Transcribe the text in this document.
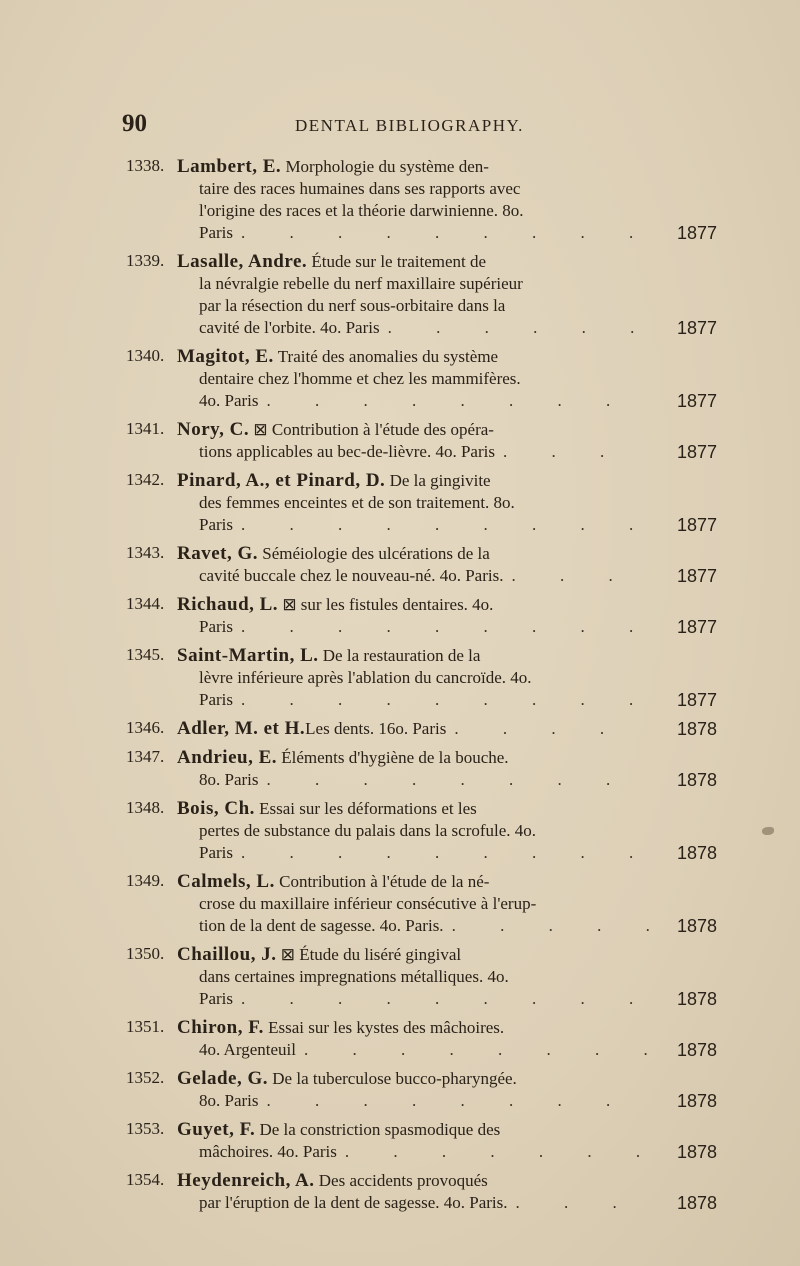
90	DENTAL BIBLIOGRAPHY.
1338. Lambert, E. Morphologie du système den-
taire des races humaines dans ses rapports avec
l'origine des races et la théorie darwinienne. 8o.
Paris . . .	1877
1339. Lasalle, Andre. Étude sur le traitement de
la névralgie rebelle du nerf maxillaire supérieur
par la résection du nerf sous-orbitaire dans la
cavité de l'orbite. 4o. Paris . . .	1877
1340. Magitot, E. Traité des anomalies du système
dentaire chez l'homme et chez les mammifères.
4o. Paris . . .	1877
1341. Nory, C. ⊠ Contribution à l'étude des opéra-
tions applicables au bec-de-lièvre. 4o. Paris . . .	1877
1342. Pinard, A., et Pinard, D. De la gingivite
des femmes enceintes et de son traitement. 8o.
Paris . . .	1877
1343. Ravet, G. Séméiologie des ulcérations de la
cavité buccale chez le nouveau-né. 4o. Paris. . . .	1877
1344. Richaud, L. ⊠ sur les fistules dentaires. 4o.
Paris . . .	1877
1345. Saint-Martin, L. De la restauration de la
lèvre inférieure après l'ablation du cancroïde. 4o.
Paris . . .	1877
1346. Adler, M. et H. Les dents. 16o. Paris . . .	1878
1347. Andrieu, E. Éléments d'hygiène de la bouche.
8o. Paris . . .	1878
1348. Bois, Ch. Essai sur les déformations et les
pertes de substance du palais dans la scrofule. 4o.
Paris . . .	1878
1349. Calmels, L. Contribution à l'étude de la né-
crose du maxillaire inférieur consécutive à l'erup-
tion de la dent de sagesse. 4o. Paris. . . .	1878
1350. Chaillou, J. ⊠ Étude du liséré gingival
dans certaines impregnations métalliques. 4o.
Paris . . .	1878
1351. Chiron, F. Essai sur les kystes des mâchoires.
4o. Argenteuil . . .	1878
1352. Gelade, G. De la tuberculose bucco-pharyngée.
8o. Paris . . .	1878
1353. Guyet, F. De la constriction spasmodique des
mâchoires. 4o. Paris . . .	1878
1354. Heydenreich, A. Des accidents provoqués
par l'éruption de la dent de sagesse. 4o. Paris. . . .	1878
